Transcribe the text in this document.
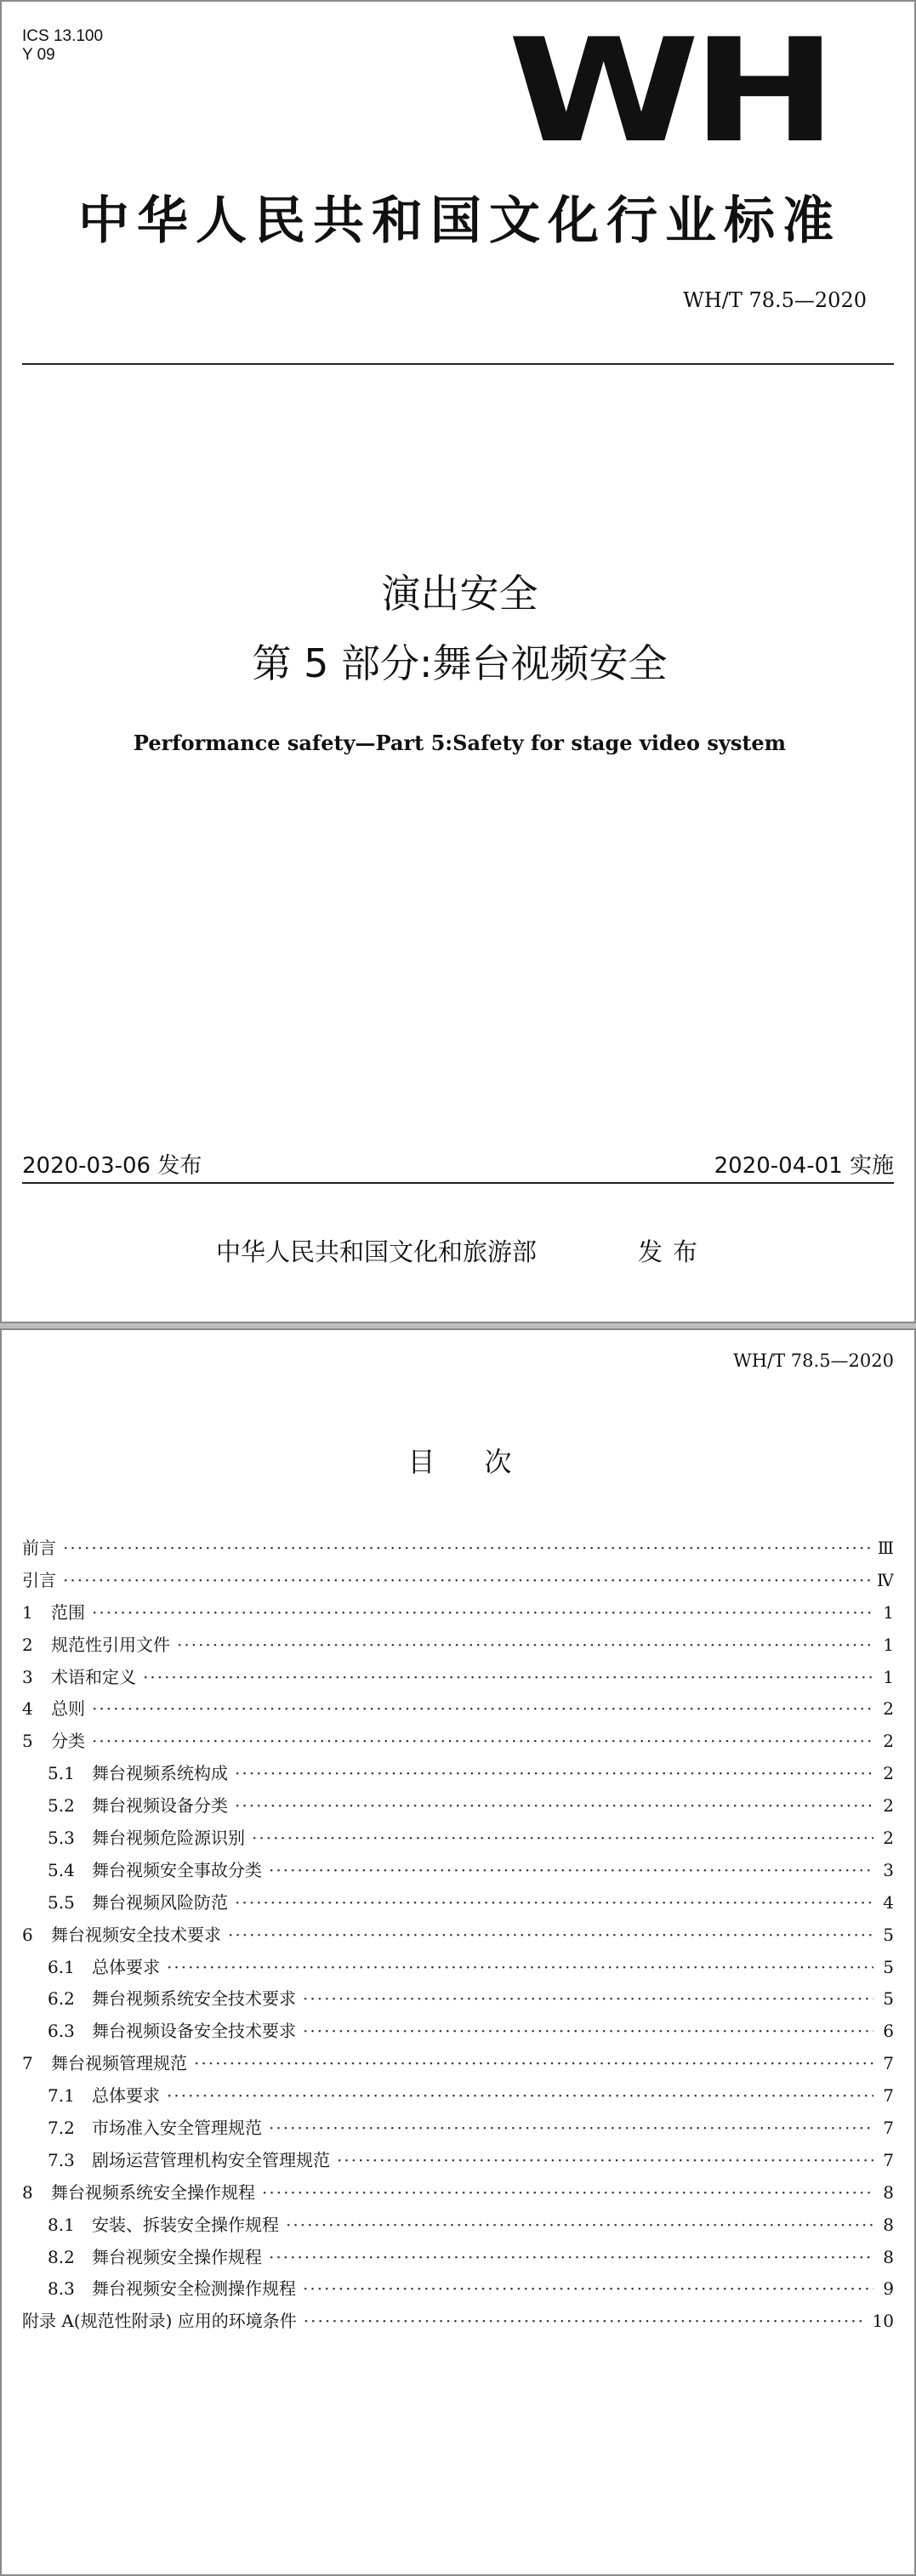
ICS 13.100
Y 09	WH
中华人民共和国文化行业标准
WH/T 78.5—2020
演出安全
第 5 部分:舞台视频安全
Performance safety—Part 5:Safety for stage video system
2020-03-06 发布	2020-04-01 实施
中华人民共和国文化和旅游部	发布
WH/T 78.5—2020
目次
前言 ·····	Ⅲ
引言 ·····	Ⅳ
1	范围 ·····	1
2	规范性引用文件 ·····	1
3	术语和定义 ·····	1
4	总则 ·····	2
5	分类 ·····	2
5.1	舞台视频系统构成 ·····	2
5.2	舞台视频设备分类 ·····	2
5.3	舞台视频危险源识别 ·····	2
5.4	舞台视频安全事故分类 ·····	3
5.5	舞台视频风险防范 ·····	4
6	舞台视频安全技术要求 ·····	5
6.1	总体要求 ·····	5
6.2	舞台视频系统安全技术要求 ·····	5
6.3	舞台视频设备安全技术要求 ·····	6
7	舞台视频管理规范 ·····	7
7.1	总体要求 ·····	7
7.2	市场准入安全管理规范 ·····	7
7.3	剧场运营管理机构安全管理规范 ·····	7
8	舞台视频系统安全操作规程 ·····	8
8.1	安装、拆装安全操作规程 ·····	8
8.2	舞台视频安全操作规程 ·····	8
8.3	舞台视频安全检测操作规程 ·····	9
附录 A(规范性附录) 应用的环境条件 ·····	10
